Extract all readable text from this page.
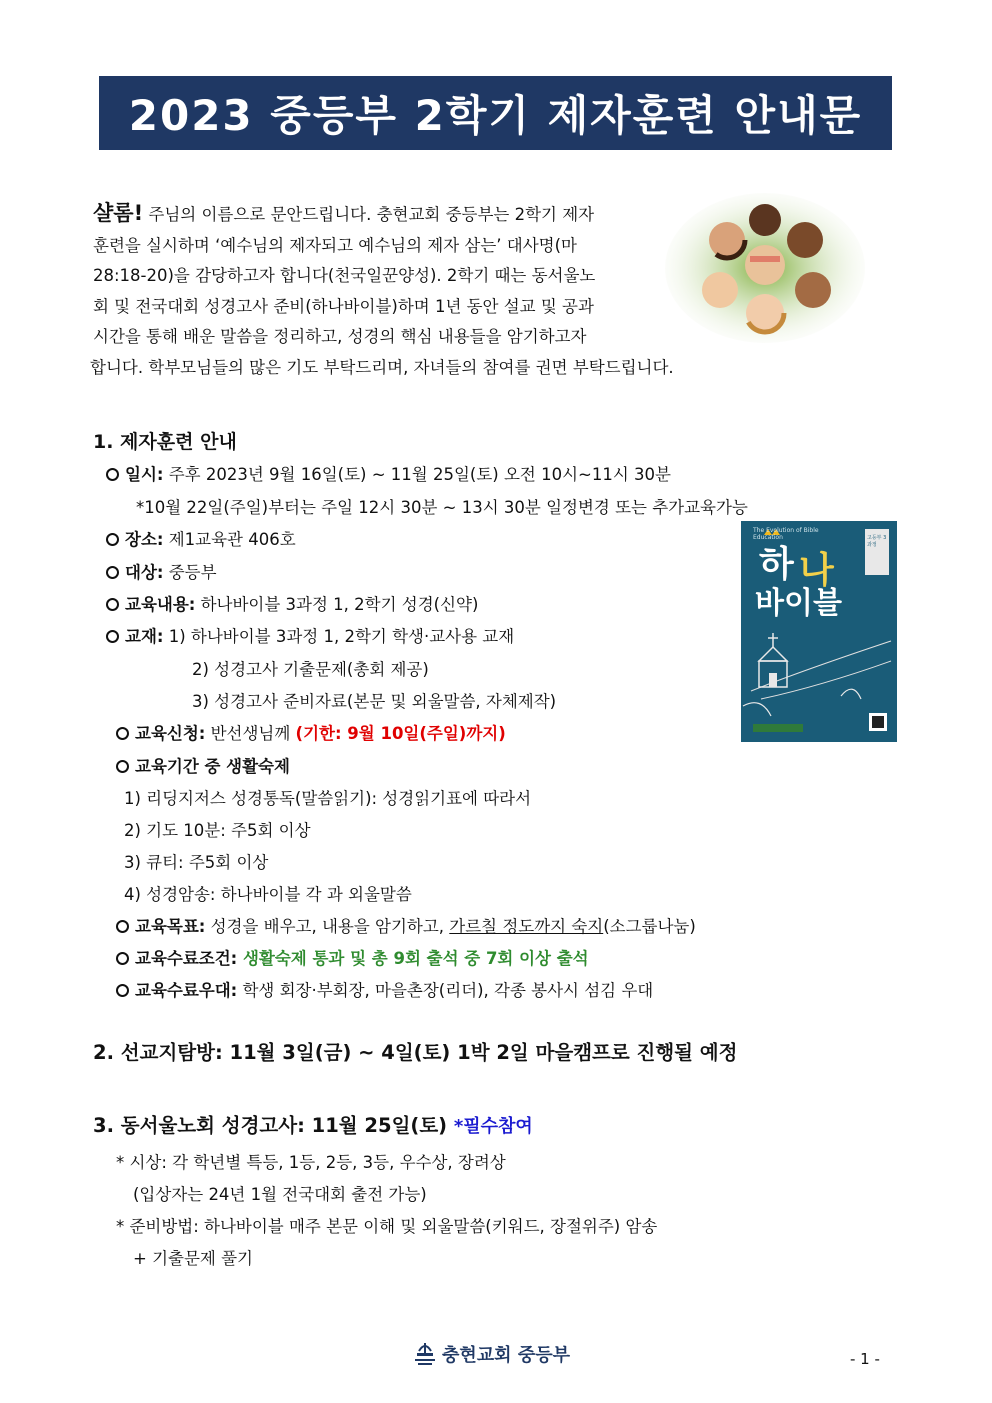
2023 중등부 2학기 제자훈련 안내문
샬롬! 주님의 이름으로 문안드립니다. 충현교회 중등부는 2학기 제자
훈련을 실시하며 ‘예수님의 제자되고 예수님의 제자 삼는’ 대사명(마
28:18-20)을 감당하고자 합니다(천국일꾼양성). 2학기 때는 동서울노
회 및 전국대회 성경고사 준비(하나바이블)하며 1년 동안 설교 및 공과
시간을 통해 배운 말씀을 정리하고, 성경의 핵심 내용들을 암기하고자
합니다. 학부모님들의 많은 기도 부탁드리며, 자녀들의 참여를 권면 부탁드립니다.
The Evolution of Bible Education	고등부 3과정
하 나
바이블
1. 제자훈련 안내
일시: 주후 2023년 9월 16일(토) ~ 11월 25일(토) 오전 10시~11시 30분
*10월 22일(주일)부터는 주일 12시 30분 ~ 13시 30분 일정변경 또는 추가교육가능
장소: 제1교육관 406호
대상: 중등부
교육내용: 하나바이블 3과정 1, 2학기 성경(신약)
교재: 1) 하나바이블 3과정 1, 2학기 학생·교사용 교재
2) 성경고사 기출문제(총회 제공)
3) 성경고사 준비자료(본문 및 외울말씀, 자체제작)
교육신청: 반선생님께 (기한: 9월 10일(주일)까지)
교육기간 중 생활숙제
1) 리딩지저스 성경통독(말씀읽기): 성경읽기표에 따라서
2) 기도 10분: 주5회 이상
3) 큐티: 주5회 이상
4) 성경암송: 하나바이블 각 과 외울말씀
교육목표: 성경을 배우고, 내용을 암기하고, 가르칠 정도까지 숙지(소그룹나눔)
교육수료조건: 생활숙제 통과 및 총 9회 출석 중 7회 이상 출석
교육수료우대: 학생 회장·부회장, 마을촌장(리더), 각종 봉사시 섬김 우대
2. 선교지탐방: 11월 3일(금) ~ 4일(토) 1박 2일 마을캠프로 진행될 예정
3. 동서울노회 성경고사: 11월 25일(토) *필수참여
* 시상: 각 학년별 특등, 1등, 2등, 3등, 우수상, 장려상
(입상자는 24년 1월 전국대회 출전 가능)
* 준비방법: 하나바이블 매주 본문 이해 및 외울말씀(키워드, 장절위주) 암송
+ 기출문제 풀기
충현교회 중등부	- 1 -
